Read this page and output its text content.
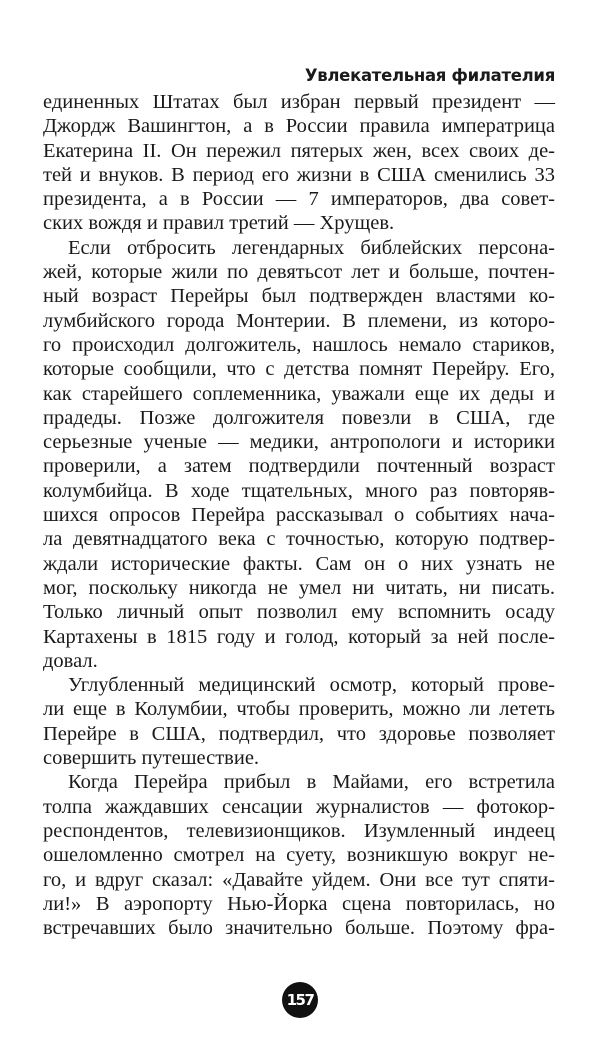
Увлекательная филателия
единенных Штатах был избран первый президент —
Джордж Вашингтон, а в России правила императрица
Екатерина II. Он пережил пятерых жен, всех своих де-
тей и внуков. В период его жизни в США сменились 33
президента, а в России — 7 императоров, два совет-
ских вождя и правил третий — Хрущев.
Если отбросить легендарных библейских персона-
жей, которые жили по девятьсот лет и больше, почтен-
ный возраст Перейры был подтвержден властями ко-
лумбийского города Монтерии. В племени, из которо-
го происходил долгожитель, нашлось немало стариков,
которые сообщили, что с детства помнят Перейру. Его,
как старейшего соплеменника, уважали еще их деды и
прадеды. Позже долгожителя повезли в США, где
серьезные ученые — медики, антропологи и историки
проверили, а затем подтвердили почтенный возраст
колумбийца. В ходе тщательных, много раз повторяв-
шихся опросов Перейра рассказывал о событиях нача-
ла девятнадцатого века с точностью, которую подтвер-
ждали исторические факты. Сам он о них узнать не
мог, поскольку никогда не умел ни читать, ни писать.
Только личный опыт позволил ему вспомнить осаду
Картахены в 1815 году и голод, который за ней после-
довал.
Углубленный медицинский осмотр, который прове-
ли еще в Колумбии, чтобы проверить, можно ли лететь
Перейре в США, подтвердил, что здоровье позволяет
совершить путешествие.
Когда Перейра прибыл в Майами, его встретила
толпа жаждавших сенсации журналистов — фотокор-
респондентов, телевизионщиков. Изумленный индеец
ошеломленно смотрел на суету, возникшую вокруг не-
го, и вдруг сказал: «Давайте уйдем. Они все тут спяти-
ли!» В аэропорту Нью-Йорка сцена повторилась, но
встречавших было значительно больше. Поэтому фра-
157
